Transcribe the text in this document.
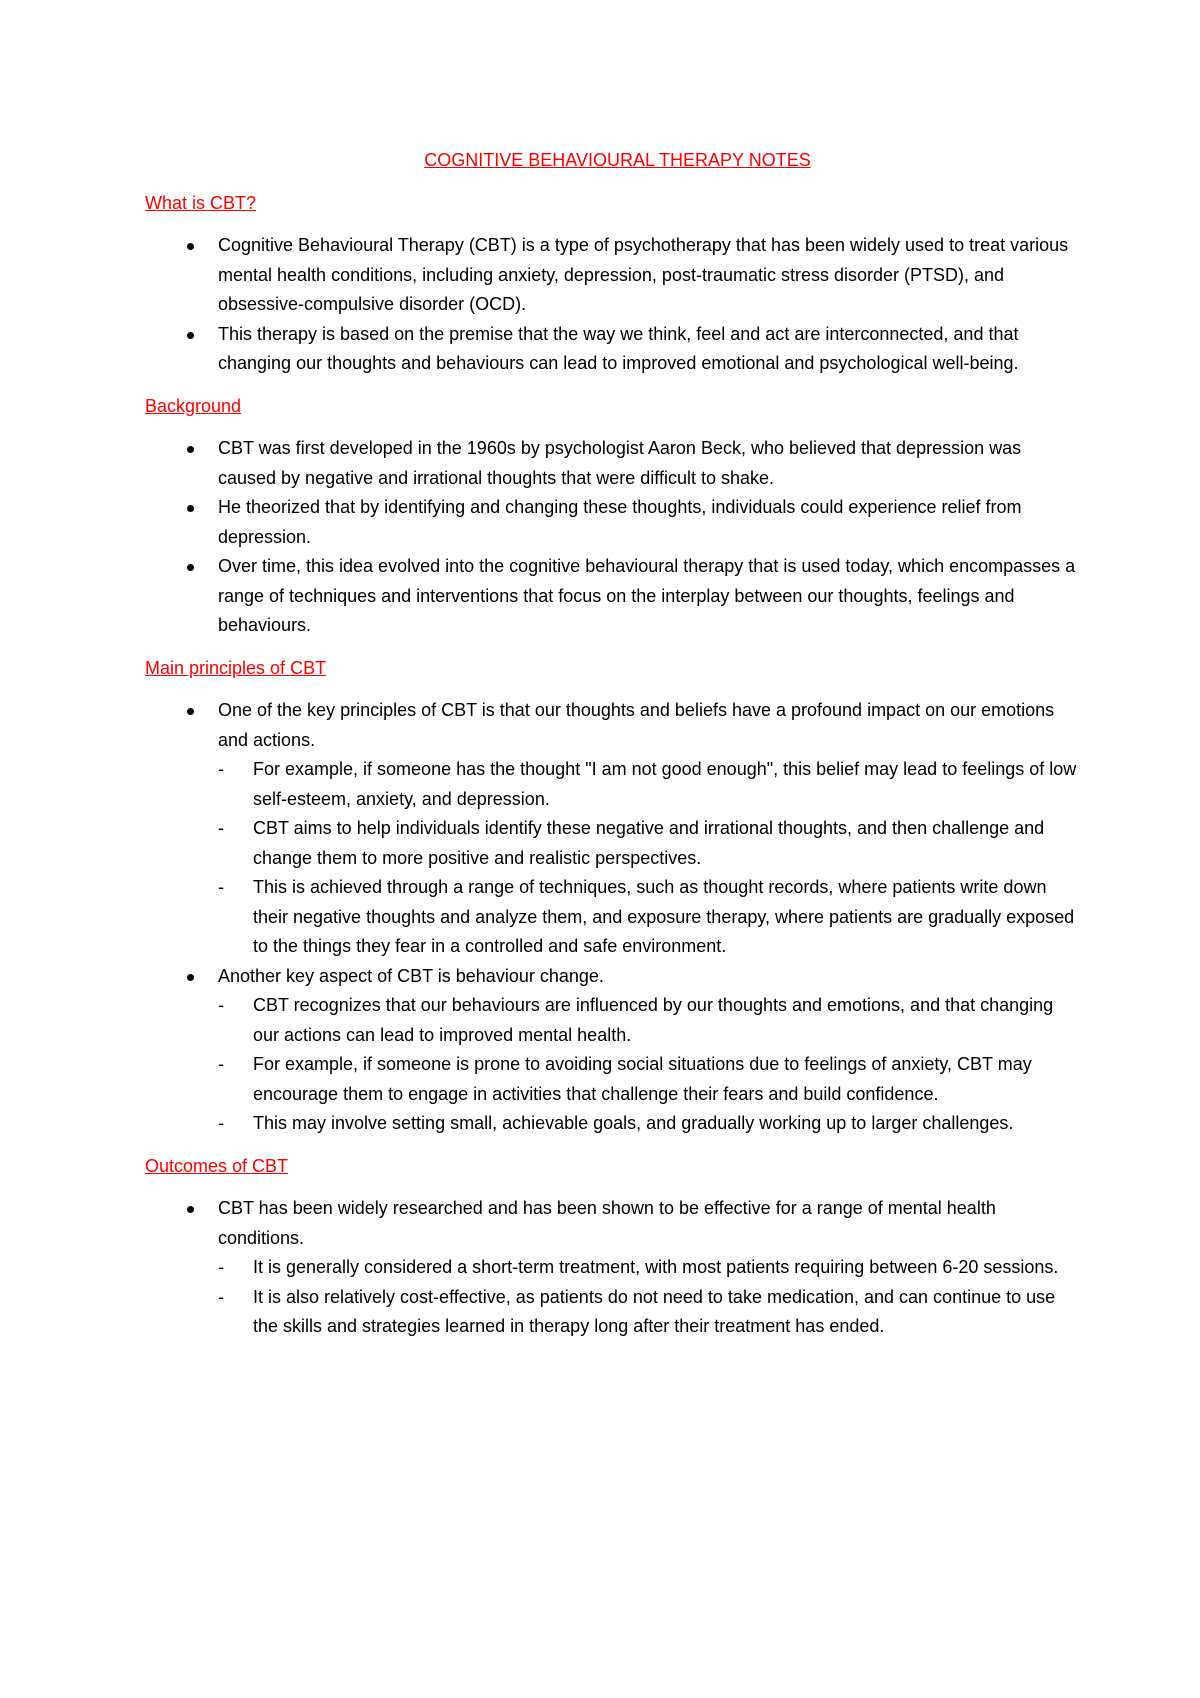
COGNITIVE BEHAVIOURAL THERAPY NOTES
What is CBT?
Cognitive Behavioural Therapy (CBT) is a type of psychotherapy that has been widely used to treat various mental health conditions, including anxiety, depression, post-traumatic stress disorder (PTSD), and obsessive-compulsive disorder (OCD).
This therapy is based on the premise that the way we think, feel and act are interconnected, and that changing our thoughts and behaviours can lead to improved emotional and psychological well-being.
Background
CBT was first developed in the 1960s by psychologist Aaron Beck, who believed that depression was caused by negative and irrational thoughts that were difficult to shake.
He theorized that by identifying and changing these thoughts, individuals could experience relief from depression.
Over time, this idea evolved into the cognitive behavioural therapy that is used today, which encompasses a range of techniques and interventions that focus on the interplay between our thoughts, feelings and behaviours.
Main principles of CBT
One of the key principles of CBT is that our thoughts and beliefs have a profound impact on our emotions and actions.
- For example, if someone has the thought "I am not good enough", this belief may lead to feelings of low self-esteem, anxiety, and depression.
- CBT aims to help individuals identify these negative and irrational thoughts, and then challenge and change them to more positive and realistic perspectives.
- This is achieved through a range of techniques, such as thought records, where patients write down their negative thoughts and analyze them, and exposure therapy, where patients are gradually exposed to the things they fear in a controlled and safe environment.
Another key aspect of CBT is behaviour change.
- CBT recognizes that our behaviours are influenced by our thoughts and emotions, and that changing our actions can lead to improved mental health.
- For example, if someone is prone to avoiding social situations due to feelings of anxiety, CBT may encourage them to engage in activities that challenge their fears and build confidence.
- This may involve setting small, achievable goals, and gradually working up to larger challenges.
Outcomes of CBT
CBT has been widely researched and has been shown to be effective for a range of mental health conditions.
- It is generally considered a short-term treatment, with most patients requiring between 6-20 sessions.
- It is also relatively cost-effective, as patients do not need to take medication, and can continue to use the skills and strategies learned in therapy long after their treatment has ended.
